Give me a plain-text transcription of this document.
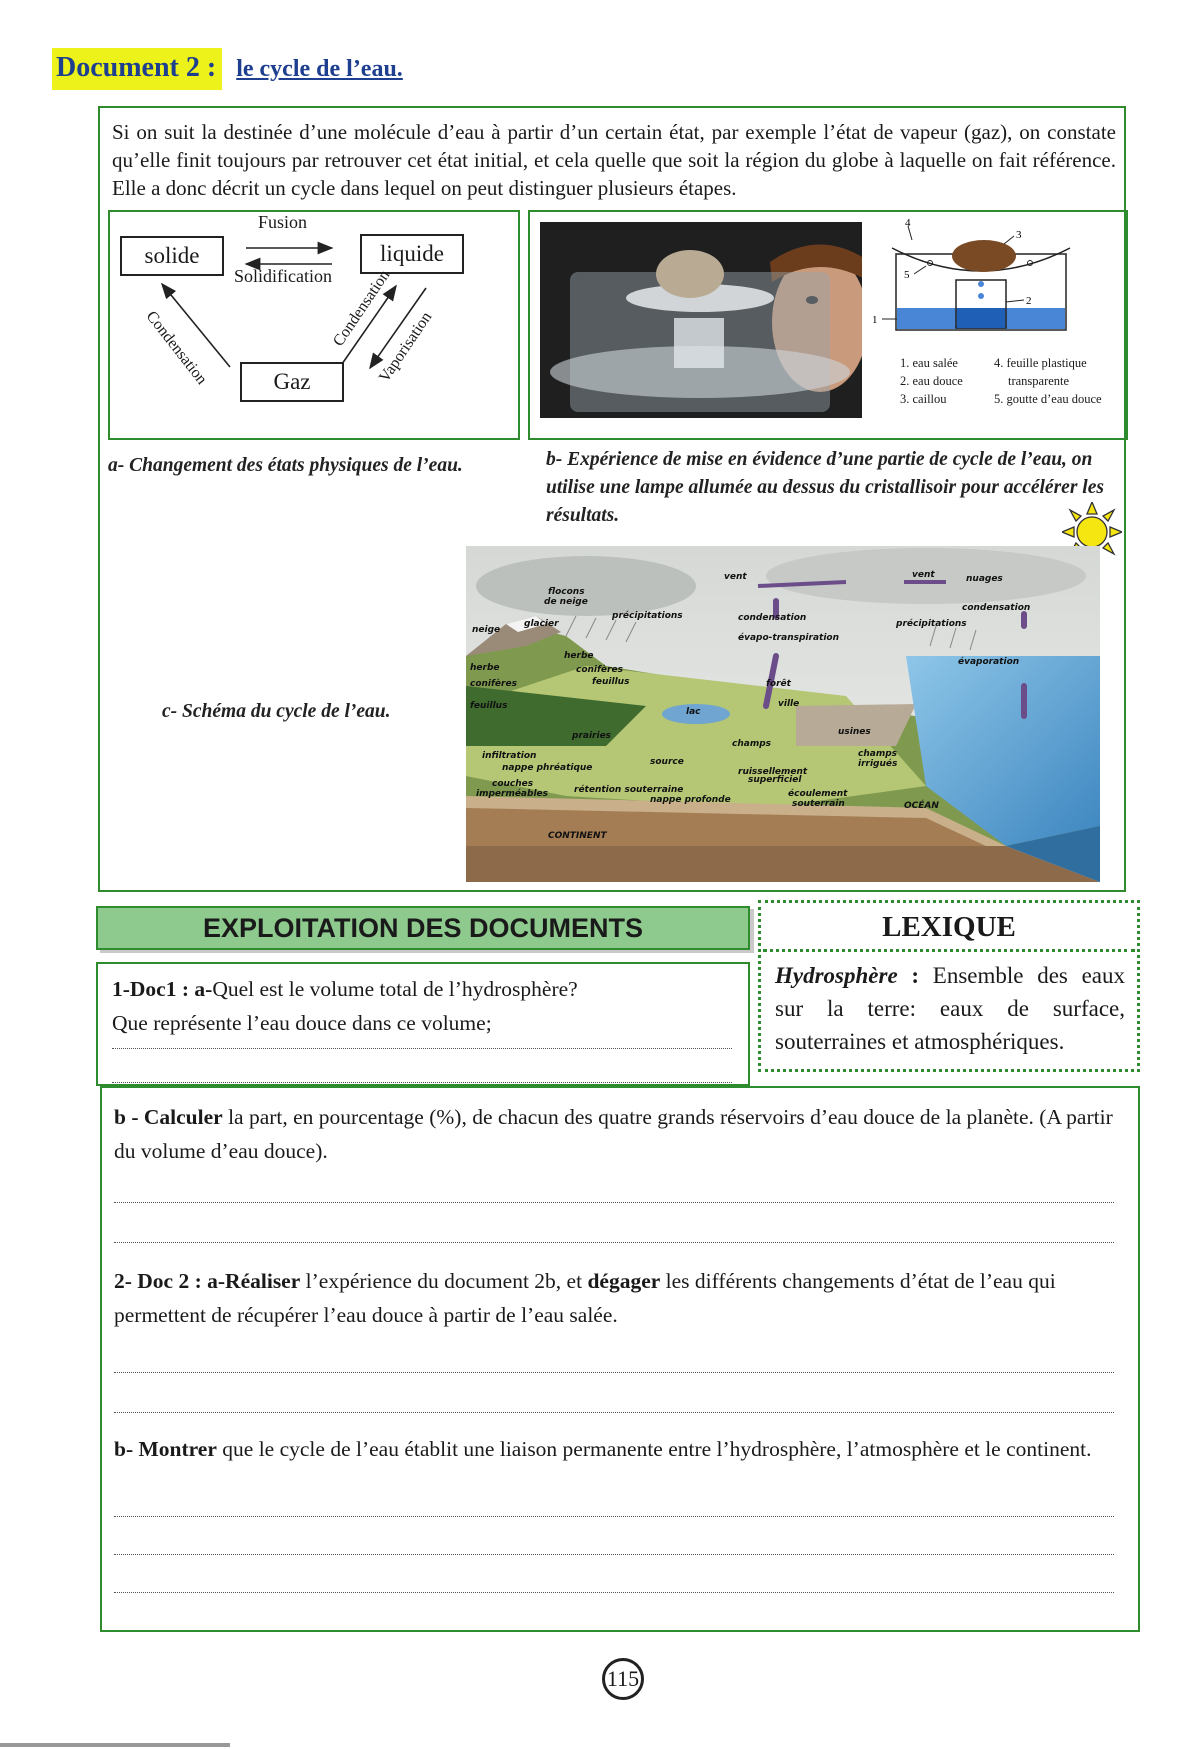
Document 2 : le cycle de l’eau.
Si on suit la destinée d’une molécule d’eau à partir d’un certain état, par exemple l’état de vapeur (gaz), on constate qu’elle finit toujours par retrouver cet état initial, et cela quelle que soit la région du globe à laquelle on fait référence. Elle a donc décrit un cycle dans lequel on peut distinguer plusieurs étapes.
solide	liquide
Gaz
Fusion
Solidification
Condensation	Condensation
Vaporisation
4
3
2
1
5
1. eau salée
2. eau douce
3. caillou
4. feuille plastique
transparente
5. goutte d’eau douce
a- Changement des états physiques de l’eau.	b- Expérience de mise en évidence d’une partie de cycle de l’eau, on utilise une lampe allumée au dessus du cristallisoir pour accélérer les résultats.
c- Schéma du cycle de l’eau.
flocons
de neige
neige
glacier
précipitations
vent
condensation
évapo-transpiration
vent	nuages
condensation
précipitations
évaporation
herbe
herbe
conifères
conifères
feuillus
feuillus	forêt
ville
lac
usines
prairies
champs
champs
irrigués
infiltration
nappe phréatique
source
ruissellement
superficiel
couches
imperméables	rétention souterraine
nappe profonde
écoulement
souterrain	OCÉAN
CONTINENT
EXPLOITATION DES DOCUMENTS	LEXIQUE
Hydrosphère : Ensemble des eaux sur la terre: eaux de surface, souterraines et atmosphériques.
1-Doc1 : a-Quel est le volume total de l’hydrosphère?
Que représente l’eau douce dans ce volume;
b - Calculer la part, en pourcentage (%), de chacun des quatre grands réservoirs d’eau douce de la planète. (A partir du volume d’eau douce).
2- Doc 2 : a-Réaliser l’expérience du document 2b, et dégager les différents changements d’état de l’eau qui permettent de récupérer l’eau douce à partir de l’eau salée.
b- Montrer que le cycle de l’eau établit une liaison permanente entre l’hydrosphère, l’atmosphère et le continent.
115
